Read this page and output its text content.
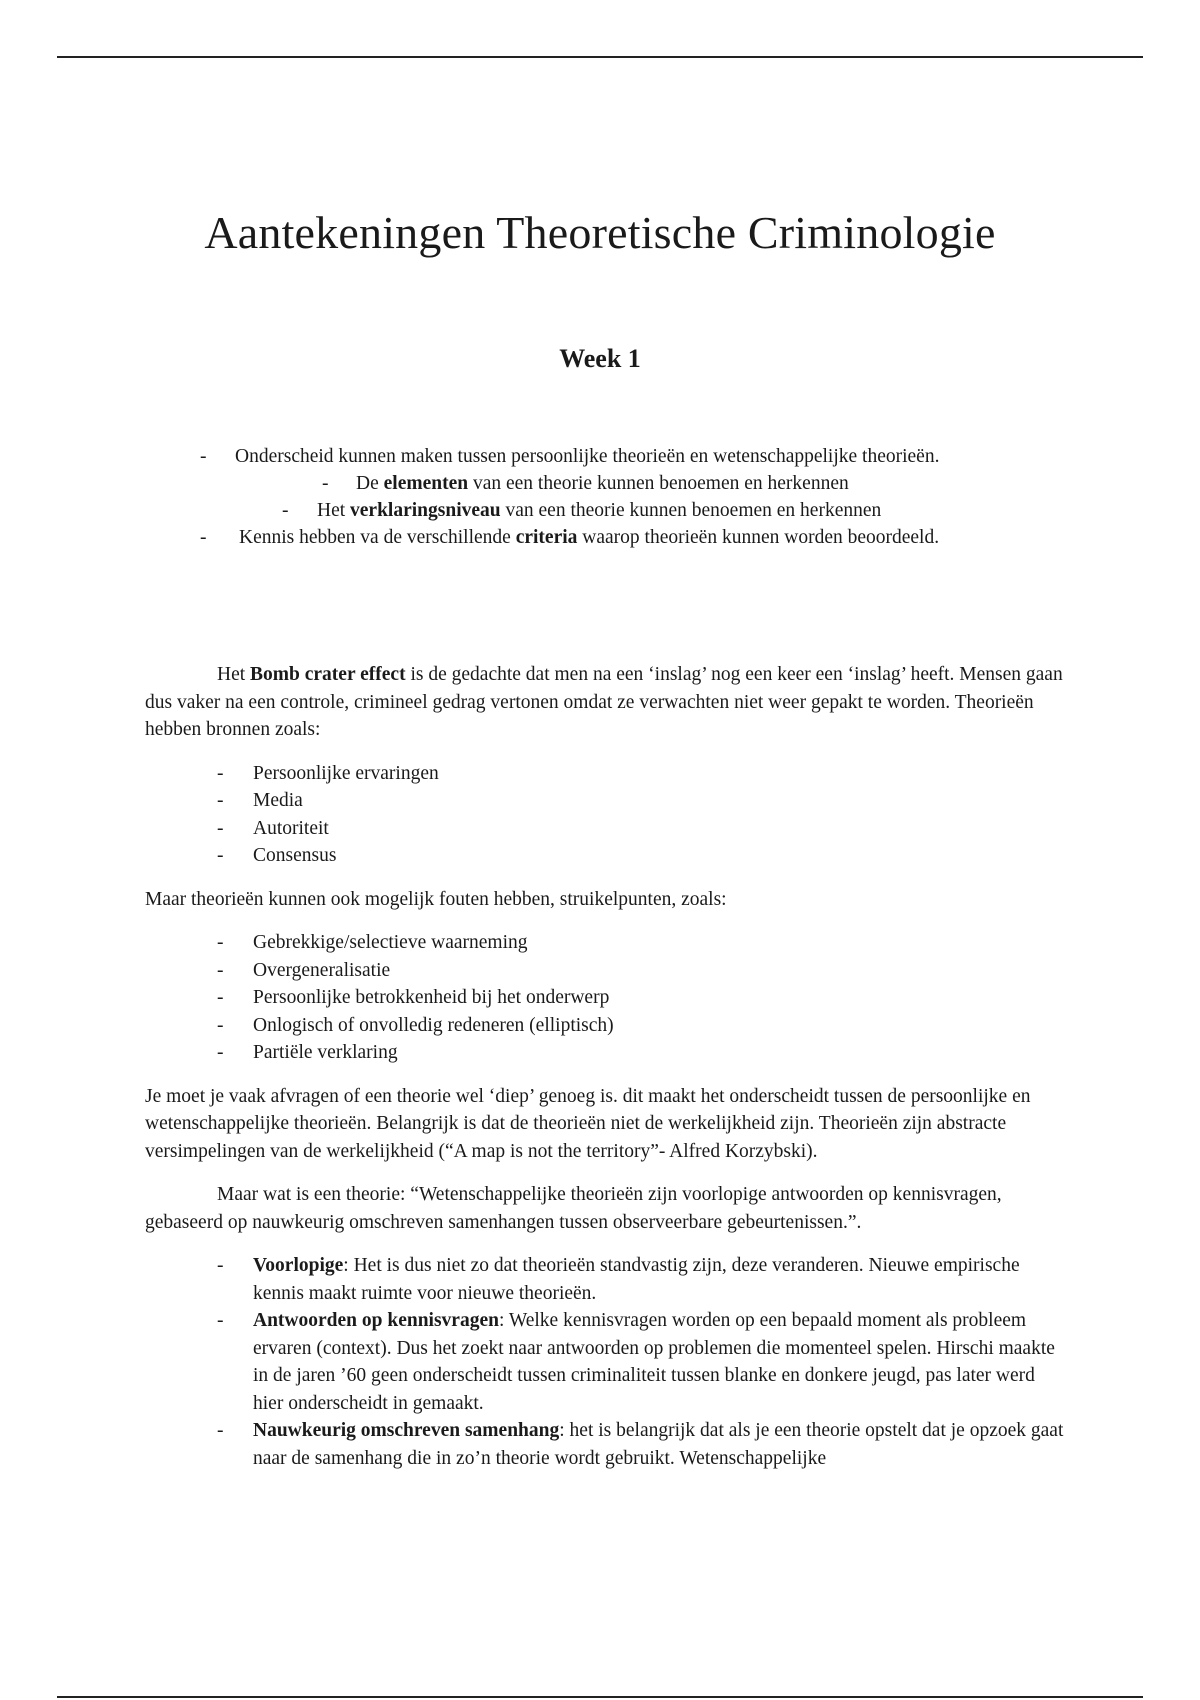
Aantekeningen Theoretische Criminologie
Week 1
- Onderscheid kunnen maken tussen persoonlijke theorieën en wetenschappelijke theorieën.
- De elementen van een theorie kunnen benoemen en herkennen
- Het verklaringsniveau van een theorie kunnen benoemen en herkennen
- Kennis hebben va de verschillende criteria waarop theorieën kunnen worden beoordeeld.

Het Bomb crater effect is de gedachte dat men na een ‘inslag’ nog een keer een ‘inslag’ heeft. Mensen gaan dus vaker na een controle, crimineel gedrag vertonen omdat ze verwachten niet weer gepakt te worden. Theorieën hebben bronnen zoals:

- Persoonlijke ervaringen
- Media
- Autoriteit
- Consensus

Maar theorieën kunnen ook mogelijk fouten hebben, struikelpunten, zoals:

- Gebrekkige/selectieve waarneming
- Overgeneralisatie
- Persoonlijke betrokkenheid bij het onderwerp
- Onlogisch of onvolledig redeneren (elliptisch)
- Partiële verklaring

Je moet je vaak afvragen of een theorie wel ‘diep’ genoeg is. dit maakt het onderscheidt tussen de persoonlijke en wetenschappelijke theorieën. Belangrijk is dat de theorieën niet de werkelijkheid zijn. Theorieën zijn abstracte versimpelingen van de werkelijkheid (“A map is not the territory”- Alfred Korzybski).

Maar wat is een theorie: “Wetenschappelijke theorieën zijn voorlopige antwoorden op kennisvragen, gebaseerd op nauwkeurig omschreven samenhangen tussen observeerbare gebeurtenissen.”.

- Voorlopige: Het is dus niet zo dat theorieën standvastig zijn, deze veranderen. Nieuwe empirische kennis maakt ruimte voor nieuwe theorieën.
- Antwoorden op kennisvragen: Welke kennisvragen worden op een bepaald moment als probleem ervaren (context). Dus het zoekt naar antwoorden op problemen die momenteel spelen. Hirschi maakte in de jaren ’60 geen onderscheidt tussen criminaliteit tussen blanke en donkere jeugd, pas later werd hier onderscheidt in gemaakt.
- Nauwkeurig omschreven samenhang: het is belangrijk dat als je een theorie opstelt dat je opzoek gaat naar de samenhang die in zo’n theorie wordt gebruikt. Wetenschappelijke
